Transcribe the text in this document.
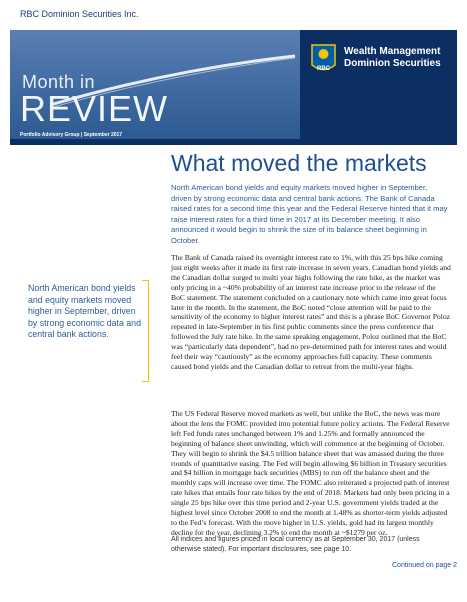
RBC Dominion Securities Inc.
RBC
Wealth Management
Dominion Securities
Month in
REVIEW
Portfolio Advisory Group | September 2017
What moved the markets
North American bond yields and equity markets moved higher in September, driven by strong economic data and central bank actions. The Bank of Canada raised rates for a second time this year and the Federal Reserve hinted that it may raise interest rates for a third time in 2017 at its December meeting. It also announced it would begin to shrink the size of its balance sheet beginning in October.
The Bank of Canada raised its overnight interest rate to 1%, with this 25 bps hike coming just eight weeks after it made its first rate increase in seven years. Canadian bond yields and the Canadian dollar surged to multi year highs following the rate hike, as the market was only pricing in a ~40% probability of an interest rate increase prior to the release of the BoC statement. The statement concluded on a cautionary note which came into great focus later in the month. In the statement, the BoC noted “close attention will be paid to the sensitivity of the economy to higher interest rates” and this is a phrase BoC Governor Poloz repeated in late-September in his first public comments since the press conference that followed the July rate hike. In the same speaking engagement, Poloz outlined that the BoC was “particularly data dependent”, had no pre-determined path for interest rates and would feel their way “cautiously” as the economy approaches full capacity. These comments caused bond yields and the Canadian dollar to retreat from the multi-year highs.
The US Federal Reserve moved markets as well, but unlike the BoC, the news was more about the lens the FOMC provided into potential future policy actions. The Federal Reserve left Fed funds rates unchanged between 1% and 1.25% and formally announced the beginning of balance sheet unwinding, which will commence at the beginning of October. They will begin to shrink the $4.5 trillion balance sheet that was amassed during the three rounds of quantitative easing. The Fed will begin allowing $6 billion in Treasury securities and $4 billion in mortgage back securities (MBS) to run off the balance sheet and the monthly caps will increase over time. The FOMC also reiterated a projected path of interest rate hikes that entails four rate hikes by the end of 2018. Markets had only been pricing in a single 25 bps hike over this time period and 2-year U.S. government yields traded at the highest level since October 2008 to end the month at 1.48% as shorter-term yields adjusted to the Fed’s forecast. With the move higher in U.S. yields, gold had its largest monthly decline for the year, declining 3.2% to end the month at ~$1279 per oz.
North American bond yields and equity markets moved higher in September, driven by strong economic data and central bank actions.
All indices and figures priced in local currency as at September 30, 2017 (unless otherwise stated). For important disclosures, see page 10.
Continued on page 2
